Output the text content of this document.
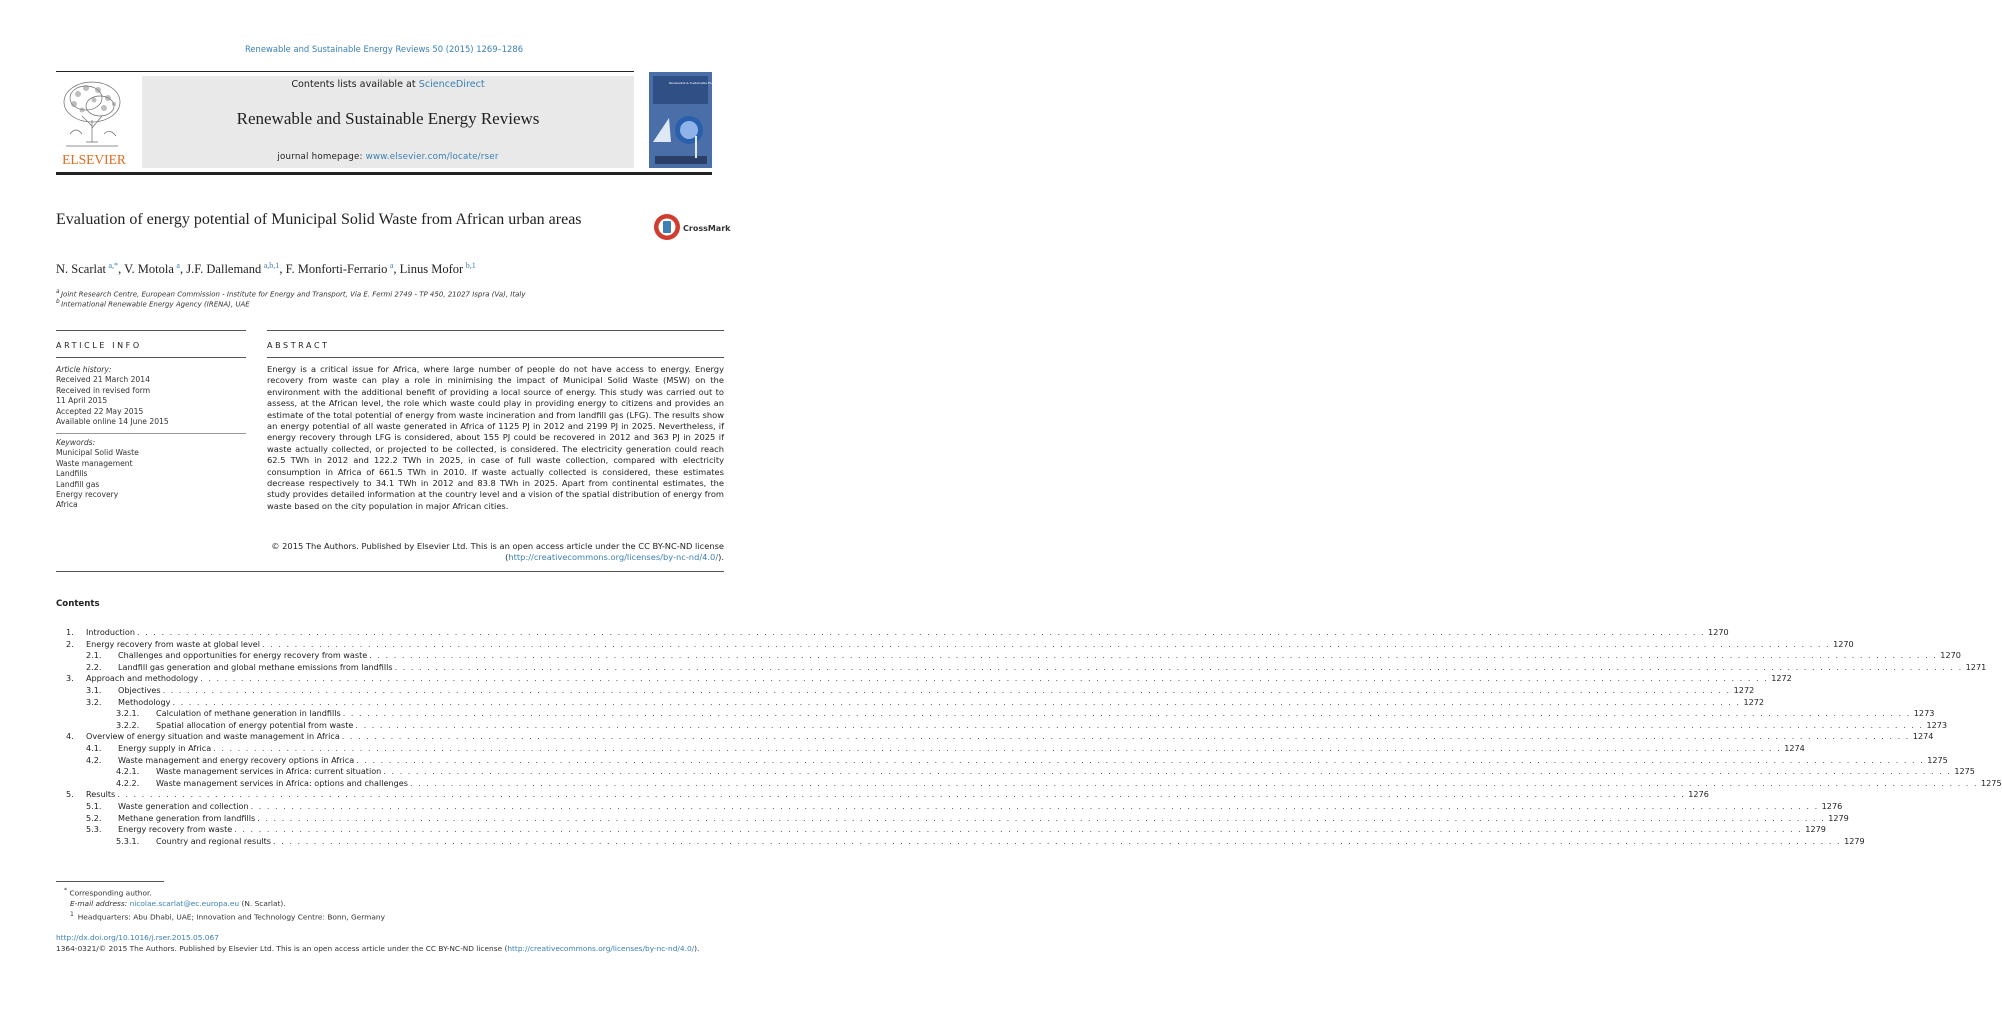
Renewable and Sustainable Energy Reviews 50 (2015) 1269–1286
ELSEVIER
Contents lists available at ScienceDirect
Renewable and Sustainable Energy Reviews
journal homepage: www.elsevier.com/locate/rser
Renewable & Sustainable Energy Reviews
Evaluation of energy potential of Municipal Solid Waste from African urban areas
CrossMark
N. Scarlat  $^{a,*}$, V. Motola  $^a$, J.F. Dallemand  $^{a,b,1}$, F. Monforti-Ferrario  $^a$, Linus Mofor  $^{b,1}$
$^a$ Joint Research Centre, European Commission - Institute for Energy and Transport, Via E. Fermi 2749 - TP 450, 21027 Ispra (Va), Italy
$^b$ International Renewable Energy Agency (IRENA), UAE
ARTICLE INFO	ABSTRACT
Article history:
Received 21 March 2014
Received in revised form
11 April 2015
Accepted 22 May 2015
Available online 14 June 2015
Keywords:
Municipal Solid Waste
Waste management
Landfills
Landfill gas
Energy recovery
Africa
Energy is a critical issue for Africa, where large number of people do not have access to energy. Energy recovery from waste can play a role in minimising the impact of Municipal Solid Waste (MSW) on the environment with the additional benefit of providing a local source of energy. This study was carried out to assess, at the African level, the role which waste could play in providing energy to citizens and provides an estimate of the total potential of energy from waste incineration and from landfill gas (LFG). The results show an energy potential of all waste generated in Africa of 1125 PJ in 2012 and 2199 PJ in 2025. Nevertheless, if energy recovery through LFG is considered, about 155 PJ could be recovered in 2012 and 363 PJ in 2025 if waste actually collected, or projected to be collected, is considered. The electricity generation could reach 62.5 TWh in 2012 and 122.2 TWh in 2025, in case of full waste collection, compared with electricity consumption in Africa of 661.5 TWh in 2010. If waste actually collected is considered, these estimates decrease respectively to 34.1 TWh in 2012 and 83.8 TWh in 2025. Apart from continental estimates, the study provides detailed information at the country level and a vision of the spatial distribution of energy from waste based on the city population in major African cities.
© 2015 The Authors. Published by Elsevier Ltd. This is an open access article under the CC BY-NC-ND license (http://creativecommons.org/licenses/by-nc-nd/4.0/).
Contents
1.	Introduction . . .	1270
2.	Energy recovery from waste at global level . . .	1270
2.1.	Challenges and opportunities for energy recovery from waste . . .	1270
2.2.	Landfill gas generation and global methane emissions from landfills . . .	1271
3.	Approach and methodology . . .	1272
3.1.	Objectives . . .	1272
3.2.	Methodology . . .	1272
3.2.1.	Calculation of methane generation in landfills . . .	1273
3.2.2.	Spatial allocation of energy potential from waste . . .	1273
4.	Overview of energy situation and waste management in Africa . . .	1274
4.1.	Energy supply in Africa . . .	1274
4.2.	Waste management and energy recovery options in Africa . . .	1275
4.2.1.	Waste management services in Africa: current situation . . .	1275
4.2.2.	Waste management services in Africa: options and challenges . . .	1275
5.	Results . . .	1276
5.1.	Waste generation and collection . . .	1276
5.2.	Methane generation from landfills . . .	1279
5.3.	Energy recovery from waste . . .	1279
5.3.1.	Country and regional results . . .	1279
* Corresponding author.
E-mail address: nicolae.scarlat@ec.europa.eu (N. Scarlat).
$^1$  Headquarters: Abu Dhabi, UAE; Innovation and Technology Centre: Bonn, Germany
http://dx.doi.org/10.1016/j.rser.2015.05.067
1364-0321/© 2015 The Authors. Published by Elsevier Ltd. This is an open access article under the CC BY-NC-ND license (http://creativecommons.org/licenses/by-nc-nd/4.0/).
